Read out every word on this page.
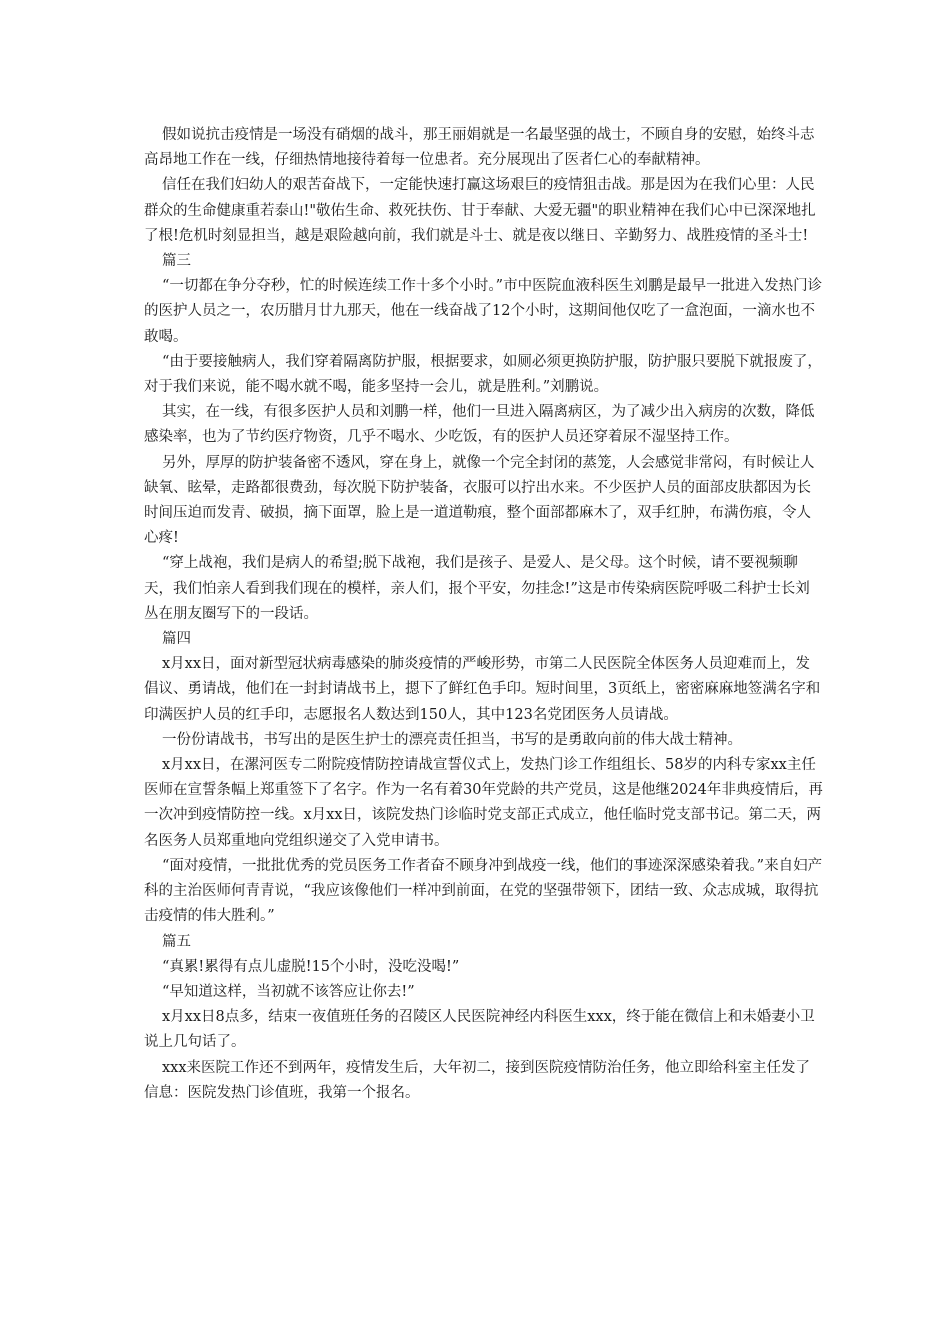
假如说抗击疫情是一场没有硝烟的战斗，那王丽娟就是一名最坚强的战士，不顾自身的安慰，始终斗志高昂地工作在一线，仔细热情地接待着每一位患者。充分展现出了医者仁心的奉献精神。

信任在我们妇幼人的艰苦奋战下，一定能快速打赢这场艰巨的疫情狙击战。那是因为在我们心里：人民群众的生命健康重若泰山!"敬佑生命、救死扶伤、甘于奉献、大爱无疆"的职业精神在我们心中已深深地扎了根!危机时刻显担当，越是艰险越向前，我们就是斗士、就是夜以继日、辛勤努力、战胜疫情的圣斗士!

篇三

“一切都在争分夺秒，忙的时候连续工作十多个小时。”市中医院血液科医生刘鹏是最早一批进入发热门诊的医护人员之一，农历腊月廿九那天，他在一线奋战了12个小时，这期间他仅吃了一盒泡面，一滴水也不敢喝。

“由于要接触病人，我们穿着隔离防护服，根据要求，如厕必须更换防护服，防护服只要脱下就报废了，对于我们来说，能不喝水就不喝，能多坚持一会儿，就是胜利。”刘鹏说。

其实，在一线，有很多医护人员和刘鹏一样，他们一旦进入隔离病区，为了减少出入病房的次数，降低感染率，也为了节约医疗物资，几乎不喝水、少吃饭，有的医护人员还穿着尿不湿坚持工作。

另外，厚厚的防护装备密不透风，穿在身上，就像一个完全封闭的蒸笼，人会感觉非常闷，有时候让人缺氧、眩晕，走路都很费劲，每次脱下防护装备，衣服可以拧出水来。不少医护人员的面部皮肤都因为长时间压迫而发青、破损，摘下面罩，脸上是一道道勒痕，整个面部都麻木了，双手红肿，布满伤痕，令人心疼!

“穿上战袍，我们是病人的希望;脱下战袍，我们是孩子、是爱人、是父母。这个时候，请不要视频聊天，我们怕亲人看到我们现在的模样，亲人们，报个平安，勿挂念!”这是市传染病医院呼吸二科护士长刘丛在朋友圈写下的一段话。

篇四

x月xx日，面对新型冠状病毒感染的肺炎疫情的严峻形势，市第二人民医院全体医务人员迎难而上，发倡议、勇请战，他们在一封封请战书上，摁下了鲜红色手印。短时间里，3页纸上，密密麻麻地签满名字和印满医护人员的红手印，志愿报名人数达到150人，其中123名党团医务人员请战。

一份份请战书，书写出的是医生护士的漂亮责任担当，书写的是勇敢向前的伟大战士精神。

x月xx日，在漯河医专二附院疫情防控请战宣誓仪式上，发热门诊工作组组长、58岁的内科专家xx主任医师在宣誓条幅上郑重签下了名字。作为一名有着30年党龄的共产党员，这是他继2024年非典疫情后，再一次冲到疫情防控一线。x月xx日，该院发热门诊临时党支部正式成立，他任临时党支部书记。第二天，两名医务人员郑重地向党组织递交了入党申请书。

“面对疫情，一批批优秀的党员医务工作者奋不顾身冲到战疫一线，他们的事迹深深感染着我。”来自妇产科的主治医师何青青说，“我应该像他们一样冲到前面，在党的坚强带领下，团结一致、众志成城，取得抗击疫情的伟大胜利。”

篇五

“真累!累得有点儿虚脱!15个小时，没吃没喝!”

“早知道这样，当初就不该答应让你去!”

x月xx日8点多，结束一夜值班任务的召陵区人民医院神经内科医生xxx，终于能在微信上和未婚妻小卫说上几句话了。

xxx来医院工作还不到两年，疫情发生后，大年初二，接到医院疫情防治任务，他立即给科室主任发了信息：医院发热门诊值班，我第一个报名。
